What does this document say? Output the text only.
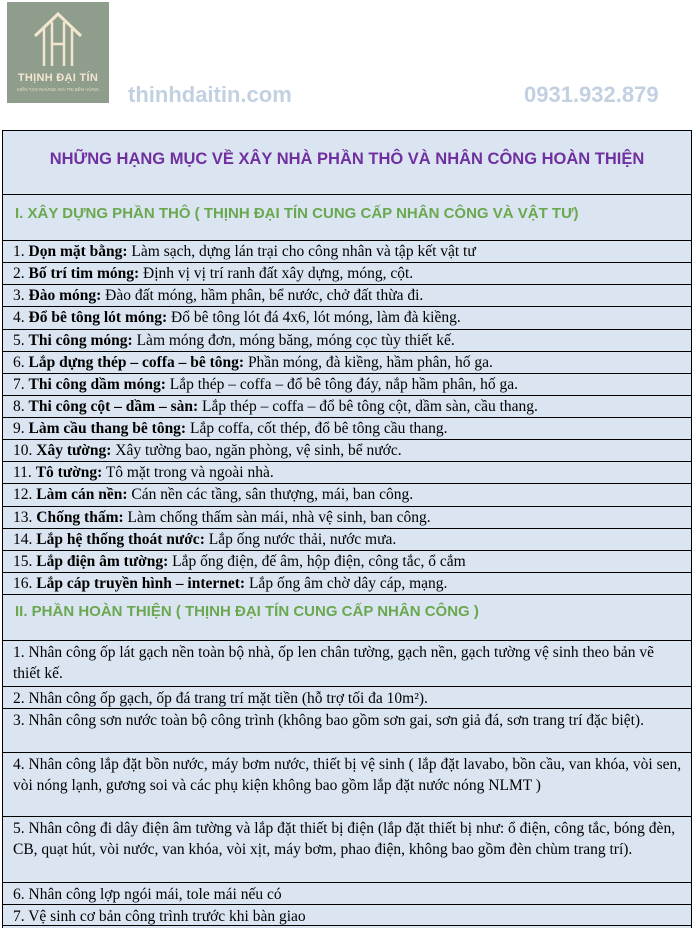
THỊNH ĐẠI TÍN
KIẾN TẠO NHỮNG GIÁ TRỊ BỀN VỮNG thinhdaitin.com	0931.932.879
NHỮNG HẠNG MỤC VỀ XÂY NHÀ PHẦN THÔ VÀ NHÂN CÔNG HOÀN THIỆN
I. XÂY DỰNG PHẦN THÔ ( THỊNH ĐẠI TÍN CUNG CẤP NHÂN CÔNG VÀ VẬT TƯ)
II. PHẦN HOÀN THIỆN ( THỊNH ĐẠI TÍN CUNG CẤP NHÂN CÔNG )
1. Dọn mặt bằng: Làm sạch, dựng lán trại cho công nhân và tập kết vật tư
2. Bố trí tim móng: Định vị vị trí ranh đất xây dựng, móng, cột.
3. Đào móng: Đào đất móng, hầm phân, bể nước, chở đất thừa đi.
4. Đổ bê tông lót móng: Đổ bê tông lót đá 4x6, lót móng, làm đà kiềng.
5. Thi công móng: Làm móng đơn, móng băng, móng cọc tùy thiết kế.
6. Lắp dựng thép – coffa – bê tông: Phần móng, đà kiềng, hầm phân, hố ga.
7. Thi công dầm móng: Lắp thép – coffa – đổ bê tông đáy, nắp hầm phân, hố ga.
8. Thi công cột – dầm – sàn: Lắp thép – coffa – đổ bê tông cột, dầm sàn, cầu thang.
9. Làm cầu thang bê tông: Lắp coffa, cốt thép, đổ bê tông cầu thang.
10. Xây tường: Xây tường bao, ngăn phòng, vệ sinh, bể nước.
11. Tô tường: Tô mặt trong và ngoài nhà.
12. Làm cán nền: Cán nền các tầng, sân thượng, mái, ban công.
13. Chống thấm: Làm chống thấm sàn mái, nhà vệ sinh, ban công.
14. Lắp hệ thống thoát nước: Lắp ống nước thải, nước mưa.
15. Lắp điện âm tường: Lắp ống điện, đế âm, hộp điện, công tắc, ổ cắm
16. Lắp cáp truyền hình – internet: Lắp ống âm chờ dây cáp, mạng.
1. Nhân công ốp lát gạch nền toàn bộ nhà, ốp len chân tường, gạch nền, gạch tường vệ sinh theo bản vẽ thiết kế.
2. Nhân công ốp gạch, ốp đá trang trí mặt tiền (hỗ trợ tối đa 10m²).
3. Nhân công sơn nước toàn bộ công trình (không bao gồm sơn gai, sơn giả đá, sơn trang trí đặc biệt).
4. Nhân công lắp đặt bồn nước, máy bơm nước, thiết bị vệ sinh ( lắp đặt lavabo, bồn cầu, van khóa, vòi sen, vòi nóng lạnh, gương soi và các phụ kiện không bao gồm lắp đặt nước nóng NLMT )
5. Nhân công đi dây điện âm tường và lắp đặt thiết bị điện (lắp đặt thiết bị như: ổ điện, công tắc, bóng đèn, CB, quạt hút, vòi nước, van khóa, vòi xịt, máy bơm, phao điện, không bao gồm đèn chùm trang trí).
6. Nhân công lợp ngói mái, tole mái nếu có
7. Vệ sinh cơ bản công trình trước khi bàn giao
